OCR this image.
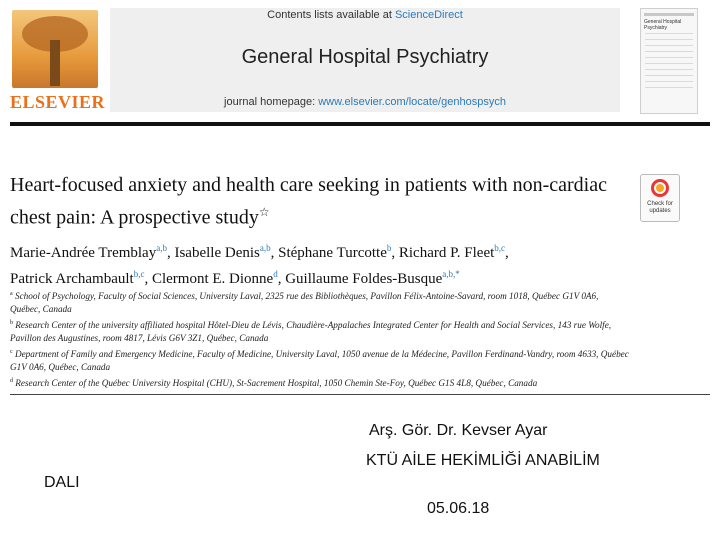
ELSEVIER
Contents lists available at ScienceDirect
General Hospital Psychiatry
journal homepage: www.elsevier.com/locate/genhospsych
General Hospital Psychiatry
Heart-focused anxiety and health care seeking in patients with non-cardiac
chest pain: A prospective study☆
Check for updates
Marie-Andrée Tremblay$^{a,b}$, Isabelle Denis$^{a,b}$, Stéphane Turcotte$^b$, Richard P. Fleet$^{b,c}$,
Patrick Archambault$^{b,c}$, Clermont E. Dionne$^d$, Guillaume Foldes-Busque$^{a,b,*}$
$^a$ School of Psychology, Faculty of Social Sciences, University Laval, 2325 rue des Bibliothèques, Pavillon Félix-Antoine-Savard, room 1018, Québec G1V 0A6, Québec, Canada
$^b$ Research Center of the university affiliated hospital Hôtel-Dieu de Lévis, Chaudière-Appalaches Integrated Center for Health and Social Services, 143 rue Wolfe, Pavillon des Augustines, room 4817, Lévis G6V 3Z1, Québec, Canada
$^c$ Department of Family and Emergency Medicine, Faculty of Medicine, University Laval, 1050 avenue de la Médecine, Pavillon Ferdinand-Vandry, room 4633, Québec G1V 0A6, Québec, Canada
$^d$ Research Center of the Québec University Hospital (CHU), St-Sacrement Hospital, 1050 Chemin Ste-Foy, Québec G1S 4L8, Québec, Canada
Arş. Gör. Dr. Kevser Ayar
KTÜ AİLE HEKİMLİĞİ ANABİLİM
DALI
05.06.18
